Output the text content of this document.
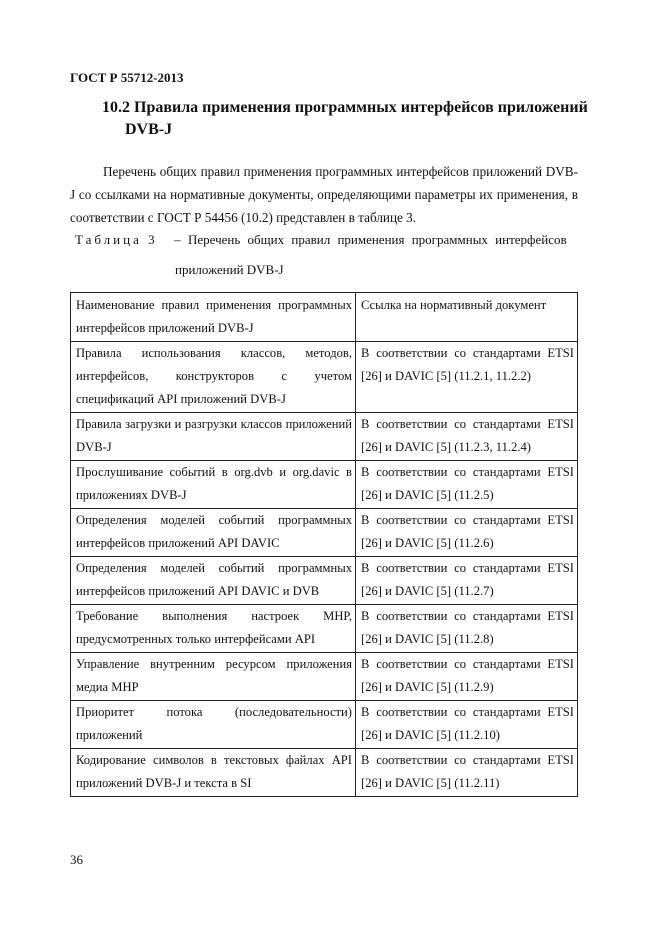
ГОСТ Р 55712-2013
10.2 Правила применения программных интерфейсов приложений
DVB-J

Перечень общих правил применения программных интерфейсов приложений DVB-J со ссылками на нормативные документы, определяющими параметры их применения, в соответствии с ГОСТ Р 54456 (10.2) представлен в таблице 3.

Таблица 3 – Перечень общих правил применения программных интерфейсов
приложений DVB-J
Наименование правил применения программных интерфейсов приложений DVB-J	Ссылка на нормативный документ
Правила использования классов, методов, интерфейсов, конструкторов с учетом спецификаций API приложений DVB-J	В соответствии со стандартами ETSI [26] и DAVIC [5] (11.2.1, 11.2.2)
Правила загрузки и разгрузки классов приложений DVB-J	В соответствии со стандартами ETSI [26] и DAVIC [5] (11.2.3, 11.2.4)
Прослушивание событий в org.dvb и org.davic в приложениях DVB-J	В соответствии со стандартами ETSI [26] и DAVIC [5] (11.2.5)
Определения моделей событий программных интерфейсов приложений API DAVIC	В соответствии со стандартами ETSI [26] и DAVIC [5] (11.2.6)
Определения моделей событий программных интерфейсов приложений API DAVIC и DVB	В соответствии со стандартами ETSI [26] и DAVIC [5] (11.2.7)
Требование выполнения настроек МНР, предусмотренных только интерфейсами API	В соответствии со стандартами ETSI [26] и DAVIC [5] (11.2.8)
Управление внутренним ресурсом приложения медиа МНР	В соответствии со стандартами ETSI [26] и DAVIC [5] (11.2.9)
Приоритет потока (последовательности) приложений	В соответствии со стандартами ETSI [26] и DAVIC [5] (11.2.10)
Кодирование символов в текстовых файлах API приложений DVB-J и текста в SI	В соответствии со стандартами ETSI [26] и DAVIC [5] (11.2.11)
36
